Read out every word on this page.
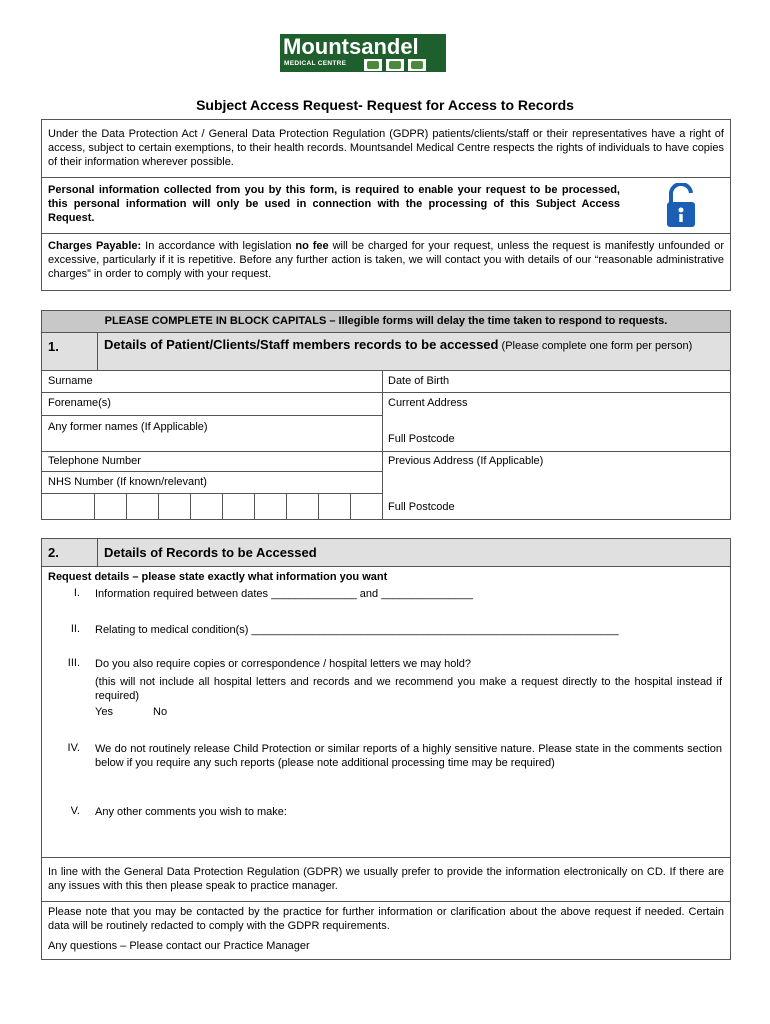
Mountsandel
MEDICAL CENTRE
Subject Access Request- Request for Access to Records
Under the Data Protection Act / General Data Protection Regulation (GDPR) patients/clients/staff or their representatives have a right of access, subject to certain exemptions, to their health records. Mountsandel Medical Centre respects the rights of individuals to have copies of their information wherever possible.
Personal information collected from you by this form, is required to enable your request to be processed, this personal information will only be used in connection with the processing of this Subject Access Request.
Charges Payable: In accordance with legislation no fee will be charged for your request, unless the request is manifestly unfounded or excessive, particularly if it is repetitive. Before any further action is taken, we will contact you with details of our “reasonable administrative charges” in order to comply with your request.
PLEASE COMPLETE IN BLOCK CAPITALS – Illegible forms will delay the time taken to respond to requests.
1.	Details of Patient/Clients/Staff members records to be accessed (Please complete one form per person)
Surname	Date of Birth
Forename(s)	Current Address
Any former names (If Applicable)
Full Postcode
Telephone Number	Previous Address (If Applicable)
NHS Number (If known/relevant)
Full Postcode
2.	Details of Records to be Accessed
Request details – please state exactly what information you want
I. Information required between dates ______________ and _______________
II. Relating to medical condition(s) ____________________________________________________________
III. Do you also require copies or correspondence / hospital letters we may hold?
(this will not include all hospital letters and records and we recommend you make a request directly to the hospital instead if required)
Yes	No
IV. We do not routinely release Child Protection or similar reports of a highly sensitive nature. Please state in the comments section below if you require any such reports (please note additional processing time may be required)
V. Any other comments you wish to make:
In line with the General Data Protection Regulation (GDPR) we usually prefer to provide the information electronically on CD. If there are any issues with this then please speak to practice manager.
Please note that you may be contacted by the practice for further information or clarification about the above request if needed. Certain data will be routinely redacted to comply with the GDPR requirements.
Any questions – Please contact our Practice Manager
